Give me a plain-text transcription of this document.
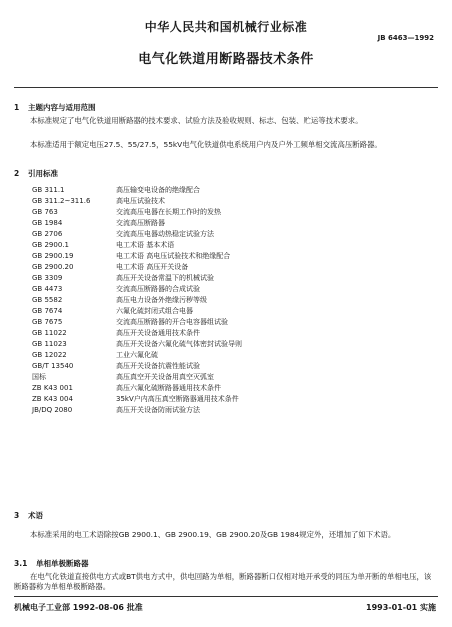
中华人民共和国机械行业标准
JB 6463—1992
电气化铁道用断路器技术条件
1 主题内容与适用范围
本标准规定了电气化铁道用断路器的技术要求、试验方法及验收规则、标志、包装、贮运等技术要求。
本标准适用于额定电压27.5、55/27.5，55kV电气化铁道供电系统用户内及户外工频单相交流高压断路器。
2 引用标准
GB 311.1	高压输变电设备的绝缘配合
GB 311.2~311.6	高电压试验技术
GB 763	交流高压电器在长期工作时的发热
GB 1984	交流高压断路器
GB 2706	交流高压电器动热稳定试验方法
GB 2900.1	电工术语 基本术语
GB 2900.19	电工术语 高电压试验技术和绝缘配合
GB 2900.20	电工术语 高压开关设备
GB 3309	高压开关设备常温下的机械试验
GB 4473	交流高压断路器的合成试验
GB 5582	高压电力设备外绝缘污秽等级
GB 7674	六氟化硫封闭式组合电器
GB 7675	交流高压断路器的开合电容器组试验
GB 11022	高压开关设备通用技术条件
GB 11023	高压开关设备六氟化硫气体密封试验导则
GB 12022	工业六氟化硫
GB/T 13540	高压开关设备抗震性能试验
国标	高压真空开关设备用真空灭弧室
ZB K43 001	高压六氟化硫断路器通用技术条件
ZB K43 004	35kV户内高压真空断路器通用技术条件
JB/DQ 2080	高压开关设备防雨试验方法
3 术语
本标准采用的电工术语除按GB 2900.1、GB 2900.19、GB 2900.20及GB 1984规定外，还增加了如下术语。
3.1 单相单极断路器
在电气化铁道直接供电方式或BT供电方式中，供电回路为单相，断路器断口仅相对地开承受的同压为单开断的单相电压，该断路器称为单相单极断路器。
机械电子工业部 1992-08-06 批准	1993-01-01 实施
